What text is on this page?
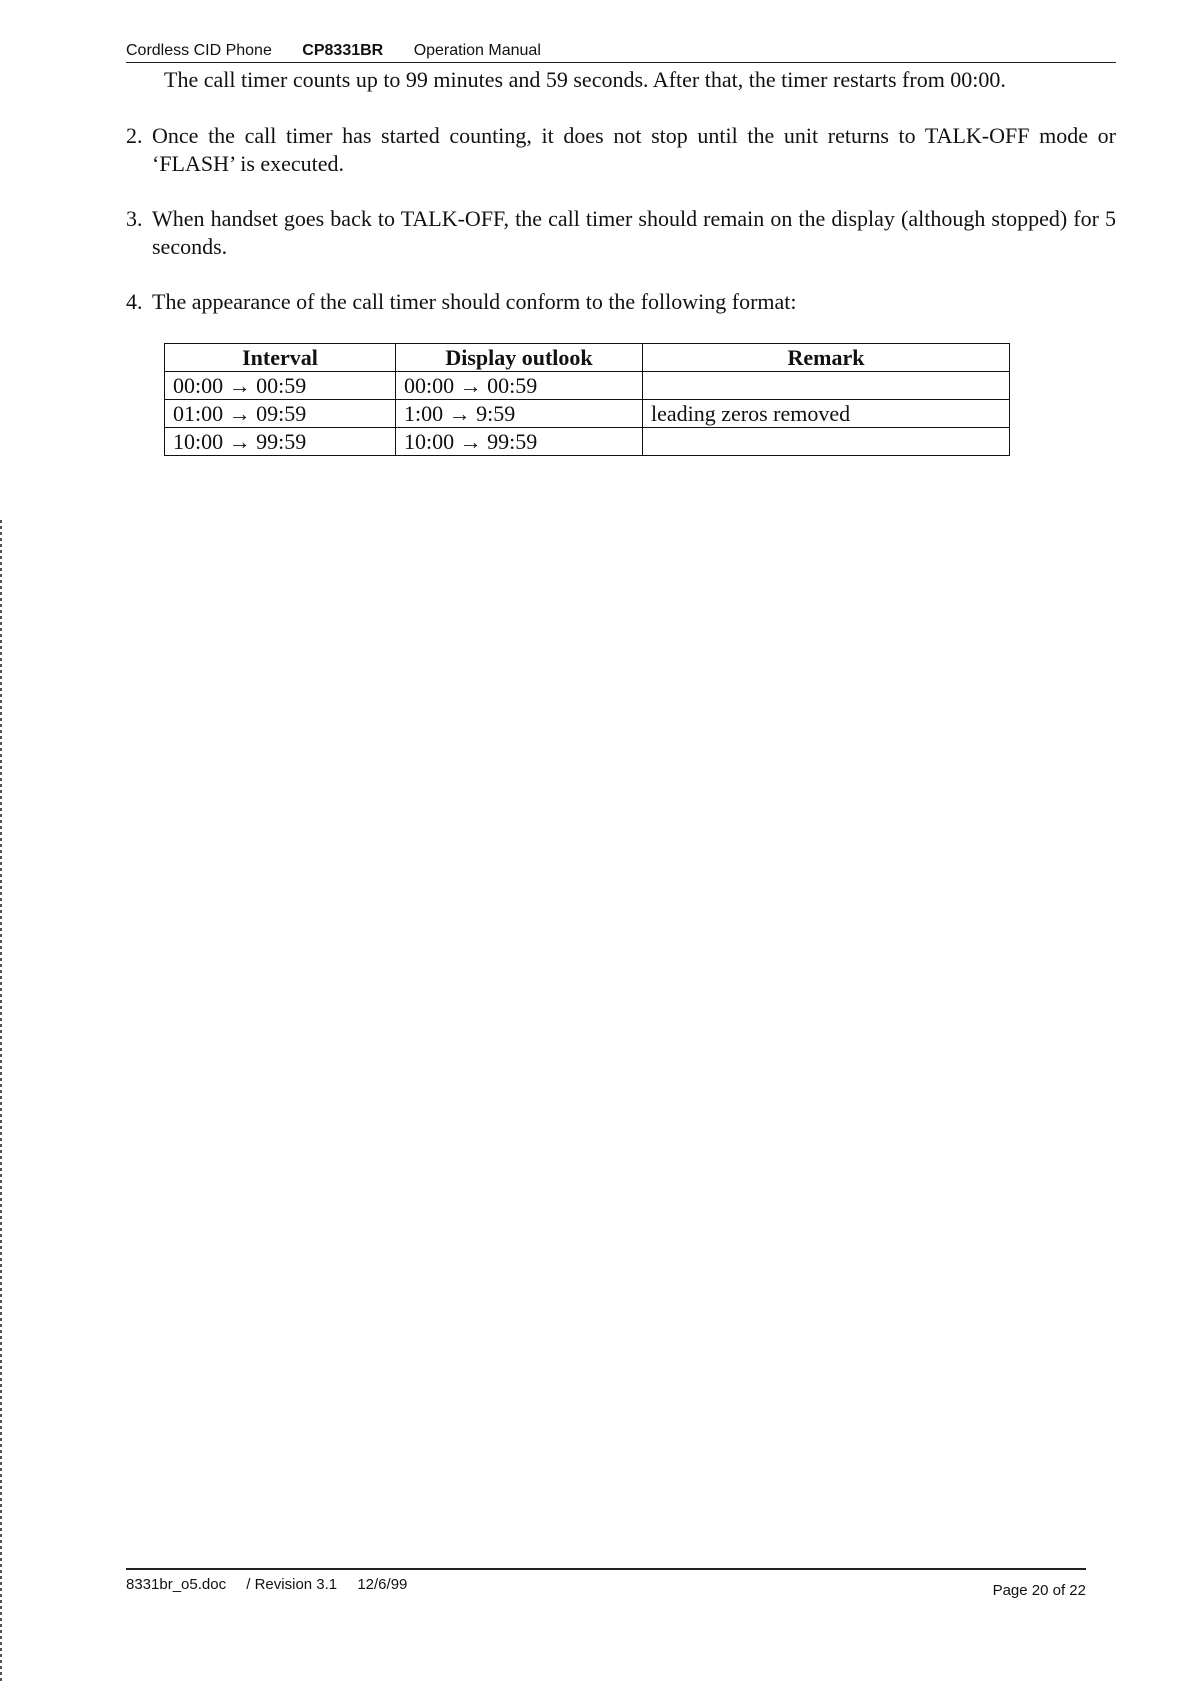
Cordless CID Phone CP8331BR Operation Manual

The call timer counts up to 99 minutes and 59 seconds. After that, the timer restarts from 00:00.

2. Once the call timer has started counting, it does not stop until the unit returns to TALK-OFF mode or ‘FLASH’ is executed.
3. When handset goes back to TALK-OFF, the call timer should remain on the display (although stopped) for 5 seconds.
4. The appearance of the call timer should conform to the following format:
Interval	Display outlook	Remark
00:00 → 00:59	00:00 → 00:59	
01:00 → 09:59	1:00 → 9:59	leading zeros removed
10:00 → 99:59	10:00 → 99:59	
8331br_o5.doc / Revision 3.1 12/6/99	Page 20 of 22
